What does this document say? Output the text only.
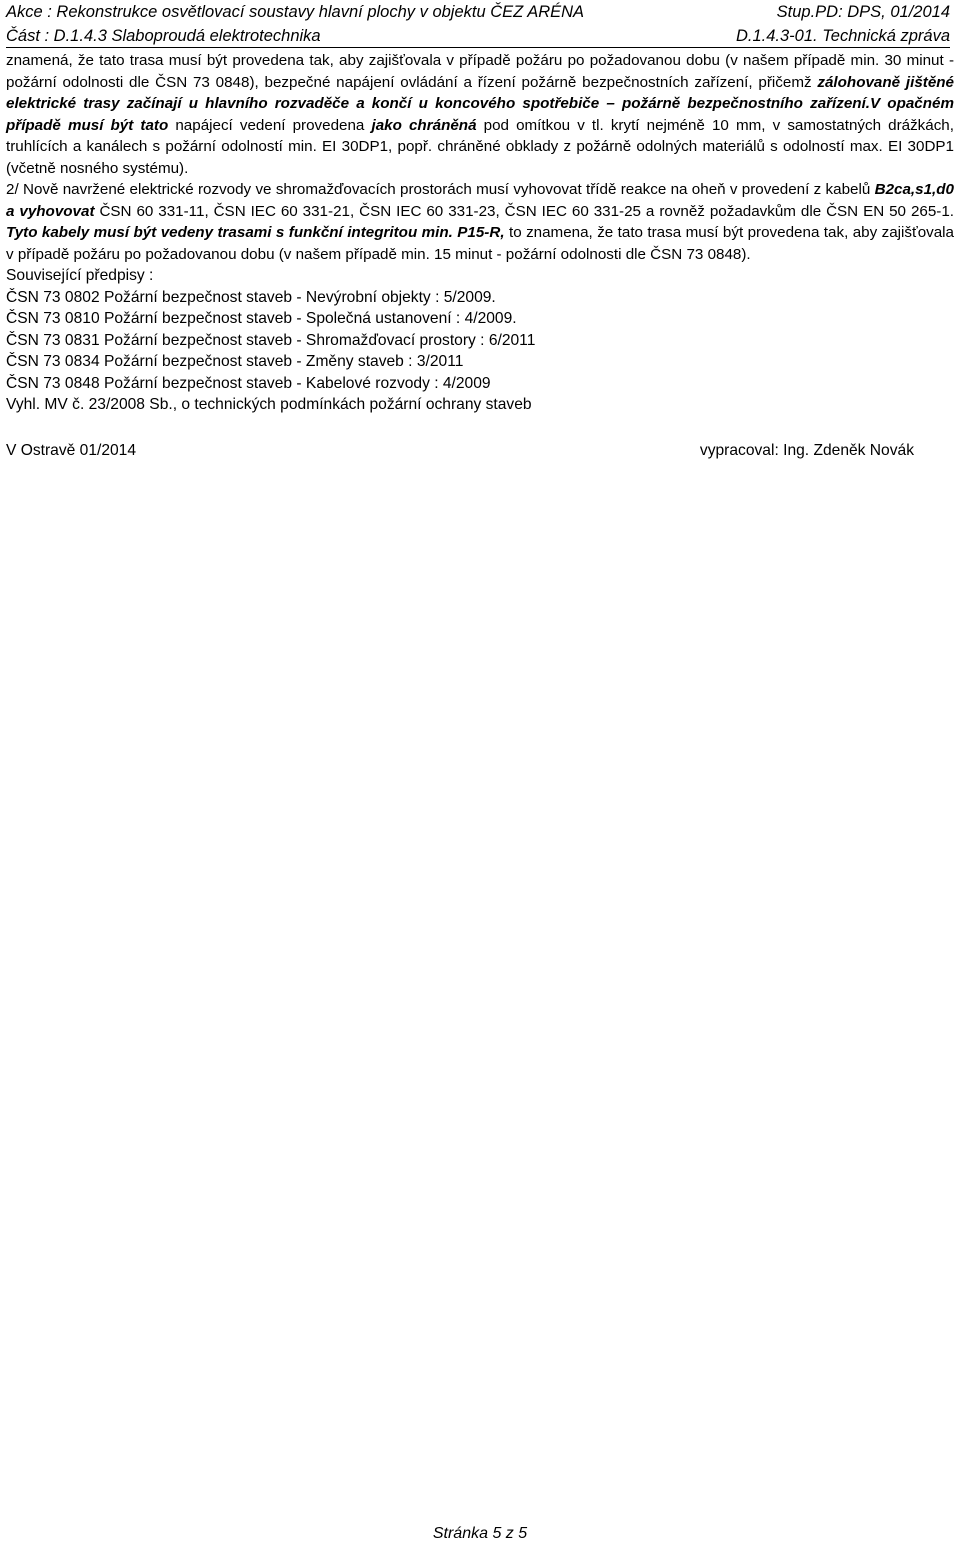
Akce : Rekonstrukce osvětlovací soustavy hlavní plochy v objektu ČEZ ARÉNA	Stup.PD: DPS, 01/2014
Část : D.1.4.3 Slaboproudá elektrotechnika	D.1.4.3-01. Technická zpráva

znamená, že tato trasa musí být provedena tak, aby zajišťovala v případě požáru po požadovanou dobu (v našem případě min. 30 minut - požární odolnosti dle ČSN 73 0848), bezpečné napájení ovládání a řízení požárně bezpečnostních zařízení, přičemž zálohovaně jištěné elektrické trasy začínají u hlavního rozvaděče a končí u koncového spotřebiče – požárně bezpečnostního zařízení.V opačném případě musí být tato napájecí vedení provedena jako chráněná pod omítkou v tl. krytí nejméně 10 mm, v samostatných drážkách, truhlících a kanálech s požární odolností min. EI 30DP1, popř. chráněné obklady z požárně odolných materiálů s odolností max. EI 30DP1 (včetně nosného systému).

2/ Nově navržené elektrické rozvody ve shromažďovacích prostorách musí vyhovovat třídě reakce na oheň v provedení z kabelů B2ca,s1,d0 a vyhovovat ČSN 60 331-11, ČSN IEC 60 331-21, ČSN IEC 60 331-23, ČSN IEC 60 331-25 a rovněž požadavkům dle ČSN EN 50 265-1. Tyto kabely musí být vedeny trasami s funkční integritou min. P15-R, to znamena, že tato trasa musí být provedena tak, aby zajišťovala v případě požáru po požadovanou dobu (v našem případě min. 15 minut - požární odolnosti dle ČSN 73 0848).

Související předpisy :

ČSN 73 0802 Požární bezpečnost staveb - Nevýrobní objekty : 5/2009.

ČSN 73 0810 Požární bezpečnost staveb - Společná ustanovení : 4/2009.

ČSN 73 0831 Požární bezpečnost staveb - Shromažďovací prostory : 6/2011

ČSN 73 0834 Požární bezpečnost staveb - Změny staveb : 3/2011

ČSN 73 0848 Požární bezpečnost staveb - Kabelové rozvody : 4/2009

Vyhl. MV č. 23/2008 Sb., o technických podmínkách požární ochrany staveb

V Ostravě 01/2014	vypracoval: Ing. Zdeněk Novák
Stránka 5 z 5
